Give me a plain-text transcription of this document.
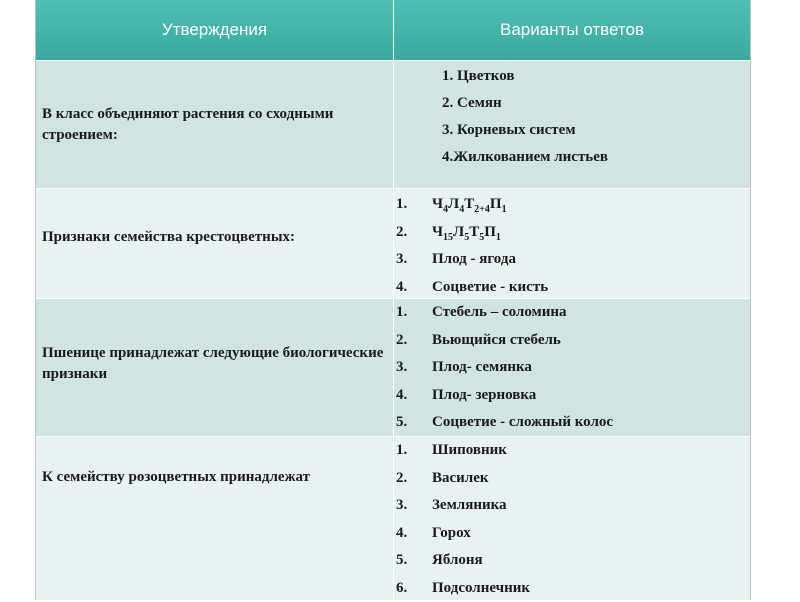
Утверждения	Варианты ответов
В класс объединяют растения со сходными строением:
1. Цветков
2. Семян
3. Корневых систем
4.Жилкованием листьев
Признаки семейства крестоцветных:
1. $Ч_4Л_4Т_{2+4}П_1$
2. $Ч_{15}Л_5Т_5П_1$
3. Плод - ягода
4. Соцветие - кисть
Пшенице принадлежат следующие биологические признаки
1. Стебель – соломина
2. Вьющийся стебель
3. Плод- семянка
4. Плод- зерновка
5. Соцветие - сложный колос
К семейству розоцветных принадлежат
1. Шиповник
2. Василек
3. Земляника
4. Горох
5. Яблоня
6. Подсолнечник
